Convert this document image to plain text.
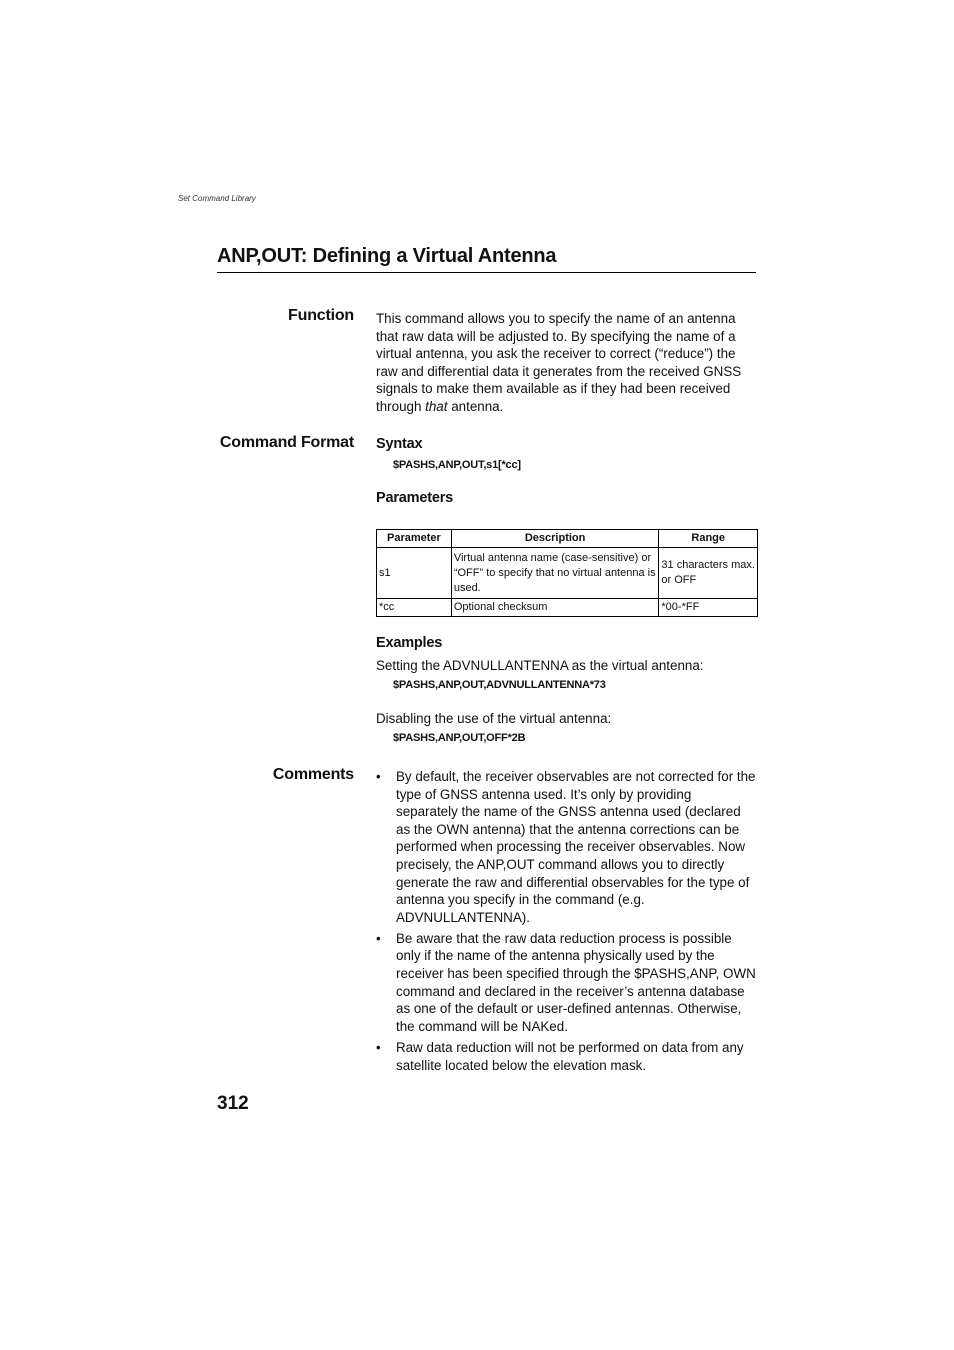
Set Command Library
ANP,OUT: Defining a Virtual Antenna
Function This command allows you to specify the name of an antenna that raw data will be adjusted to. By specifying the name of a virtual antenna, you ask the receiver to correct (“reduce”) the raw and differential data it generates from the received GNSS signals to make them available as if they had been received through that antenna.

Command Format Syntax
$PASHS,ANP,OUT,s1[*cc]
Parameters
Parameter	Description	Range
s1	Virtual antenna name (case-sensitive) or “OFF” to specify that no virtual antenna is used.	31 characters max. or OFF
*cc	Optional checksum	*00-*FF
Examples
Setting the ADVNULLANTENNA as the virtual antenna:
$PASHS,ANP,OUT,ADVNULLANTENNA*73
Disabling the use of the virtual antenna:
$PASHS,ANP,OUT,OFF*2B
Comments • By default, the receiver observables are not corrected for the type of GNSS antenna used. It’s only by providing separately the name of the GNSS antenna used (declared as the OWN antenna) that the antenna corrections can be performed when processing the receiver observables. Now precisely, the ANP,OUT command allows you to directly generate the raw and differential observables for the type of antenna you specify in the command (e.g. ADVNULLANTENNA).
• Be aware that the raw data reduction process is possible only if the name of the antenna physically used by the receiver has been specified through the $PASHS,ANP, OWN command and declared in the receiver’s antenna database as one of the default or user-defined antennas. Otherwise, the command will be NAKed.
• Raw data reduction will not be performed on data from any satellite located below the elevation mask.
312
